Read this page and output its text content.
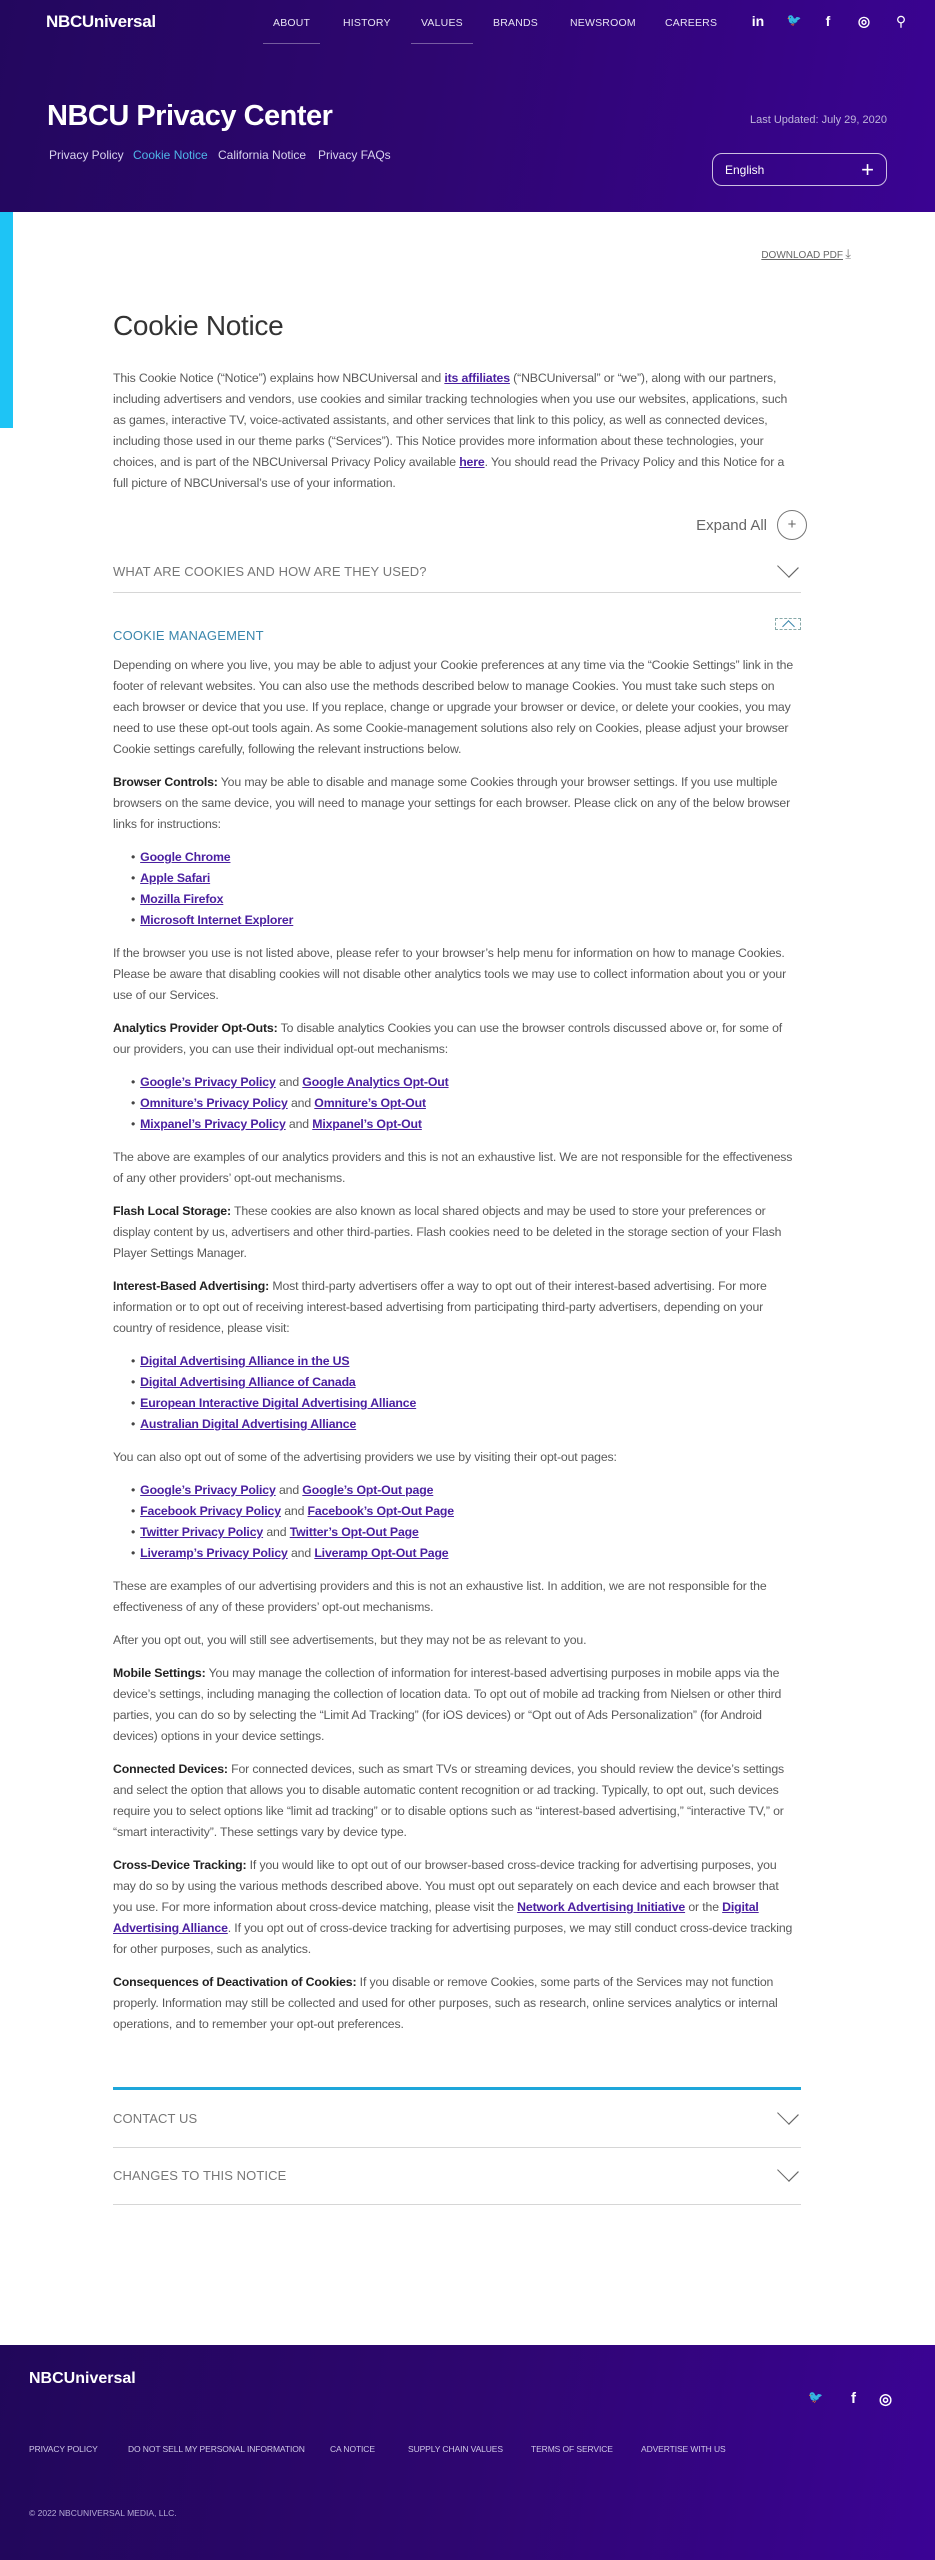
NBCUniversal	ABOUT	HISTORY	VALUES	BRANDS	NEWSROOM	CAREERS in 🐦	f	◎ ⚲
NBCU Privacy Center
Privacy Policy Cookie Notice California Notice Privacy FAQs
Last Updated: July 29, 2020
English	+
DOWNLOAD PDF ⤓
Cookie Notice

This Cookie Notice (“Notice”) explains how NBCUniversal and its affiliates (“NBCUniversal” or “we”), along with our partners, including advertisers and vendors, use cookies and similar tracking technologies when you use our websites, applications, such as games, interactive TV, voice-activated assistants, and other services that link to this policy, as well as connected devices, including those used in our theme parks (“Services”). This Notice provides more information about these technologies, your choices, and is part of the NBCUniversal Privacy Policy available here. You should read the Privacy Policy and this Notice for a full picture of NBCUniversal’s use of your information.

Expand All	+
WHAT ARE COOKIES AND HOW ARE THEY USED?
COOKIE MANAGEMENT

Depending on where you live, you may be able to adjust your Cookie preferences at any time via the “Cookie Settings” link in the footer of relevant websites. You can also use the methods described below to manage Cookies. You must take such steps on each browser or device that you use. If you replace, change or upgrade your browser or device, or delete your cookies, you may need to use these opt-out tools again. As some Cookie-management solutions also rely on Cookies, please adjust your browser Cookie settings carefully, following the relevant instructions below.

Browser Controls: You may be able to disable and manage some Cookies through your browser settings. If you use multiple browsers on the same device, you will need to manage your settings for each browser. Please click on any of the below browser links for instructions:

• Google Chrome
• Apple Safari
• Mozilla Firefox
• Microsoft Internet Explorer

If the browser you use is not listed above, please refer to your browser’s help menu for information on how to manage Cookies. Please be aware that disabling cookies will not disable other analytics tools we may use to collect information about you or your use of our Services.

Analytics Provider Opt-Outs: To disable analytics Cookies you can use the browser controls discussed above or, for some of our providers, you can use their individual opt-out mechanisms:

• Google’s Privacy Policy and Google Analytics Opt-Out
• Omniture’s Privacy Policy and Omniture’s Opt-Out
• Mixpanel’s Privacy Policy and Mixpanel’s Opt-Out

The above are examples of our analytics providers and this is not an exhaustive list. We are not responsible for the effectiveness of any other providers’ opt-out mechanisms.

Flash Local Storage: These cookies are also known as local shared objects and may be used to store your preferences or display content by us, advertisers and other third-parties. Flash cookies need to be deleted in the storage section of your Flash Player Settings Manager.

Interest-Based Advertising: Most third-party advertisers offer a way to opt out of their interest-based advertising. For more information or to opt out of receiving interest-based advertising from participating third-party advertisers, depending on your country of residence, please visit:

• Digital Advertising Alliance in the US
• Digital Advertising Alliance of Canada
• European Interactive Digital Advertising Alliance
• Australian Digital Advertising Alliance

You can also opt out of some of the advertising providers we use by visiting their opt-out pages:

• Google’s Privacy Policy and Google’s Opt-Out page
• Facebook Privacy Policy and Facebook’s Opt-Out Page
• Twitter Privacy Policy and Twitter’s Opt-Out Page
• Liveramp’s Privacy Policy and Liveramp Opt-Out Page

These are examples of our advertising providers and this is not an exhaustive list. In addition, we are not responsible for the effectiveness of any of these providers’ opt-out mechanisms.

After you opt out, you will still see advertisements, but they may not be as relevant to you.

Mobile Settings: You may manage the collection of information for interest-based advertising purposes in mobile apps via the device’s settings, including managing the collection of location data. To opt out of mobile ad tracking from Nielsen or other third parties, you can do so by selecting the “Limit Ad Tracking” (for iOS devices) or “Opt out of Ads Personalization” (for Android devices) options in your device settings.

Connected Devices: For connected devices, such as smart TVs or streaming devices, you should review the device’s settings and select the option that allows you to disable automatic content recognition or ad tracking. Typically, to opt out, such devices require you to select options like “limit ad tracking” or to disable options such as “interest-based advertising,” “interactive TV,” or “smart interactivity”. These settings vary by device type.

Cross-Device Tracking: If you would like to opt out of our browser-based cross-device tracking for advertising purposes, you may do so by using the various methods described above. You must opt out separately on each device and each browser that you use. For more information about cross-device matching, please visit the Network Advertising Initiative or the Digital Advertising Alliance. If you opt out of cross-device tracking for advertising purposes, we may still conduct cross-device tracking for other purposes, such as analytics.

Consequences of Deactivation of Cookies: If you disable or remove Cookies, some parts of the Services may not function properly. Information may still be collected and used for other purposes, such as research, online services analytics or internal operations, and to remember your opt-out preferences.

CONTACT US
CHANGES TO THIS NOTICE
NBCUniversal
🐦 f ◎
PRIVACY POLICY	DO NOT SELL MY PERSONAL INFORMATION	CA NOTICE	SUPPLY CHAIN VALUES	TERMS OF SERVICE	ADVERTISE WITH US
© 2022 NBCUNIVERSAL MEDIA, LLC.
